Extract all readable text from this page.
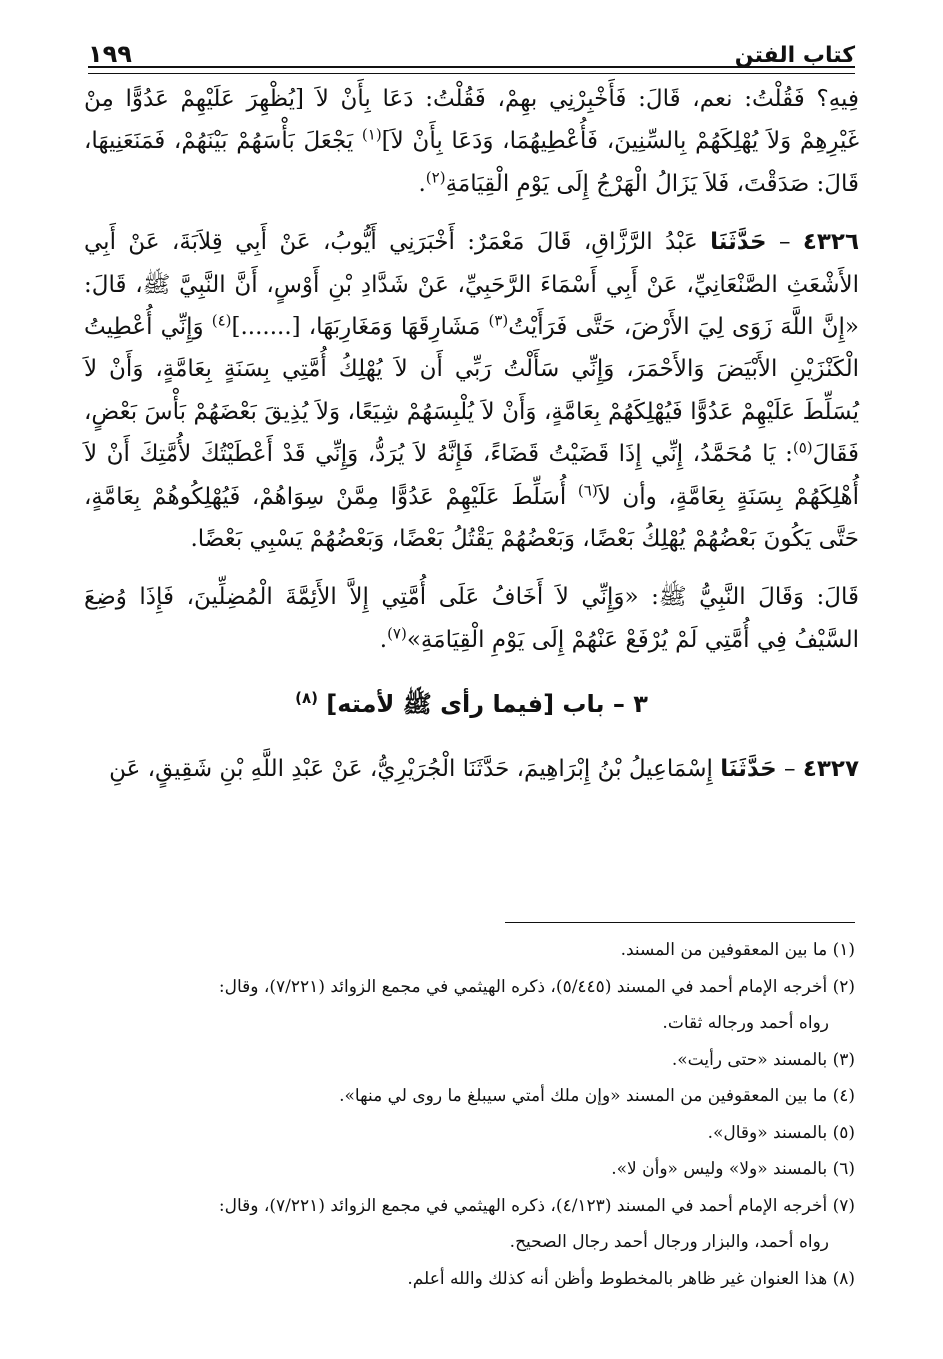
كتاب الفتن
١٩٩

فِيهِ؟ فَقُلْتُ: نعم، قَالَ: فَأَخْبِرْنِي بهِمْ، فَقُلْتُ: دَعَا بِأَنْ لاَ [يُظْهِرَ عَلَيْهِمْ عَدُوًّا مِنْ غَيْرِهِمْ وَلاَ يُهْلِكَهُمْ بِالسِّنِينَ، فَأُعْطِيهُمَا، وَدَعَا بِأَنْ لاَ]$^{(١)}$ يَجْعَلَ بَأْسَهُمْ بَيْنَهُمْ، فَمَنَعَنِيهَا، قَالَ: صَدَقْتَ، فَلاَ يَزَالُ الْهَرْجُ إِلَى يَوْمِ الْقِيَامَةِ$^{(٢)}$.

٤٣٢٦ – حَدَّثَنَا عَبْدُ الرَّزَّاقِ، قَالَ مَعْمَرٌ: أَخْبَرَنِي أَيُّوبُ، عَنْ أَبِي قِلاَبَةَ، عَنْ أَبِي الأَشْعَثِ الصَّنْعَانِيِّ، عَنْ أَبِي أَسْمَاءَ الرَّحَبِيِّ، عَنْ شَدَّادِ بْنِ أَوْسٍ، أَنَّ النَّبِيَّ ﷺ، قَالَ: «إِنَّ اللَّهَ زَوَى لِيَ الأَرْضَ، حَتَّى فَرَأَيْتُ$^{(٣)}$ مَشَارِقَهَا وَمَغَارِبَهَا، [.......]$^{(٤)}$ وَإِنِّي أُعْطِيتُ الْكَنْزَيْنِ الأَبْيَضَ وَالأَحْمَرَ، وَإِنِّي سَأَلْتُ رَبِّي أَن لاَ يُهْلِكُ أُمَّتِي بِسَنَةٍ بِعَامَّةٍ، وَأَنْ لاَ يُسَلِّطَ عَلَيْهِمْ عَدُوًّا فَيُهْلِكَهُمْ بِعَامَّةٍ، وَأَنْ لاَ يُلْبِسَهُمْ شِيَعًا، وَلاَ يُذِيقَ بَعْضَهُمْ بَأْسَ بَعْضٍ، فَقَالَ$^{(٥)}$: يَا مُحَمَّدُ، إِنِّي إِذَا قَضَيْتُ قَضَاءً، فَإِنَّهُ لاَ يُرَدُّ، وَإِنِّي قَدْ أَعْطَيْتُكَ لأُمَّتِكَ أَنْ لاَ أُهْلِكَهُمْ بِسَنَةٍ بِعَامَّةٍ، وأن لاَ$^{(٦)}$ أُسَلِّطَ عَلَيْهِمْ عَدُوًّا مِمَّنْ سِوَاهُمْ، فَيُهْلِكُوهُمْ بِعَامَّةٍ، حَتَّى يَكُونَ بَعْضُهُمْ يُهْلِكُ بَعْضًا، وَبَعْضُهُمْ يَقْتُلُ بَعْضًا، وَبَعْضُهُمْ يَسْبِي بَعْضًا.

قَالَ: وَقَالَ النَّبِيُّ ﷺ: «وَإِنِّي لاَ أَخَافُ عَلَى أُمَّتِي إِلاَّ الأَئِمَّةَ الْمُضِلِّينَ، فَإِذَا وُضِعَ السَّيْفُ فِي أُمَّتِي لَمْ يُرْفَعْ عَنْهُمْ إِلَى يَوْمِ الْقِيَامَةِ»$^{(٧)}$.

٣ – باب [فيما رأى ﷺ لأمته] $^{(٨)}$

٤٣٢٧ – حَدَّثَنَا إِسْمَاعِيلُ بْنُ إِبْرَاهِيمَ، حَدَّثَنَا الْجُرَيْرِيُّ، عَنْ عَبْدِ اللَّهِ بْنِ شَقِيقٍ، عَنِ

(١) ما بين المعقوفين من المسند.

(٢) أخرجه الإمام أحمد في المسند (٥/٤٤٥)، ذكره الهيثمي في مجمع الزوائد (٧/٢٢١)، وقال:
رواه أحمد ورجاله ثقات.

(٣) بالمسند «حتى رأيت».

(٤) ما بين المعقوفين من المسند «وإن ملك أمتي سيبلغ ما روى لي منها».

(٥) بالمسند «وقال».

(٦) بالمسند «ولا» وليس «وأن لا».

(٧) أخرجه الإمام أحمد في المسند (٤/١٢٣)، ذكره الهيثمي في مجمع الزوائد (٧/٢٢١)، وقال:
رواه أحمد، والبزار ورجال أحمد رجال الصحيح.

(٨) هذا العنوان غير ظاهر بالمخطوط وأظن أنه كذلك والله أعلم.
